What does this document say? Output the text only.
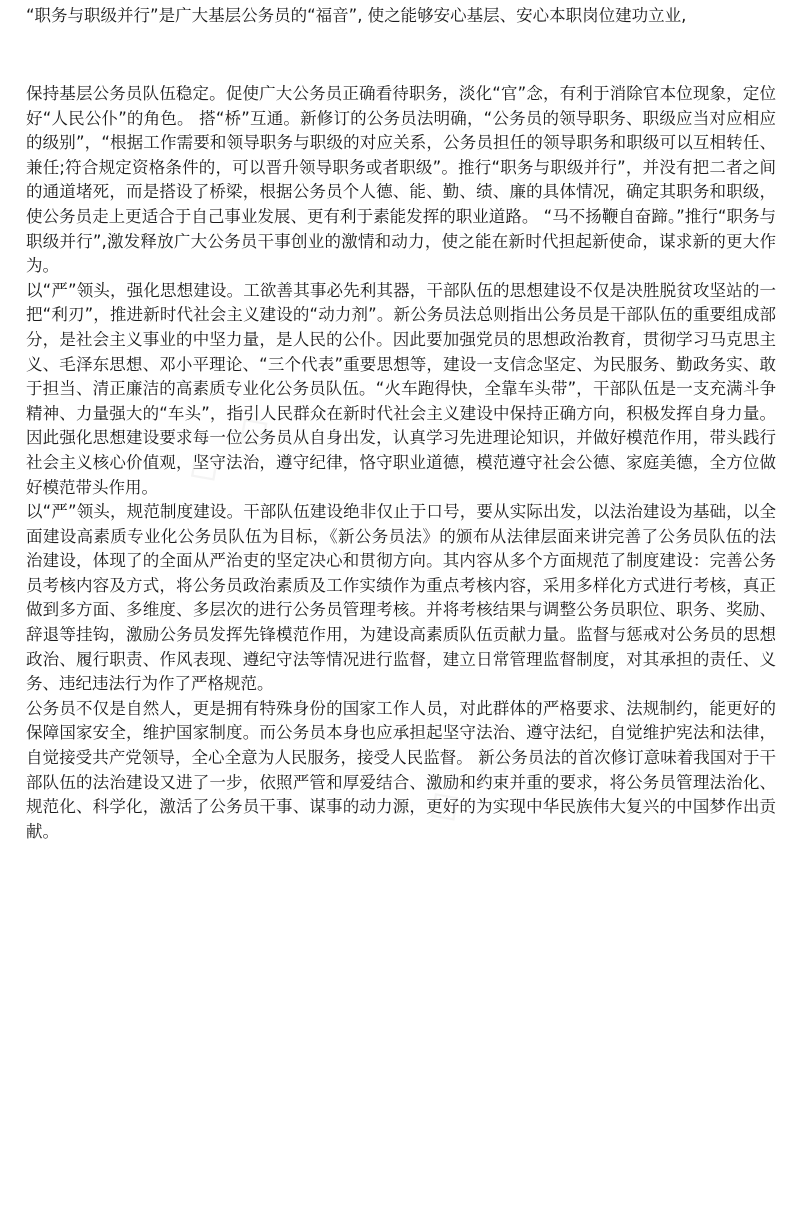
“职务与职级并行”是广大基层公务员的“福音”, 使之能够安心基层、安心本职岗位建功立业,

保持基层公务员队伍稳定。促使广大公务员正确看待职务，淡化“官”念，有利于消除官本位现象，定位好“人民公仆”的角色。 搭“桥”互通。新修订的公务员法明确，“公务员的领导职务、职级应当对应相应的级别”，“根据工作需要和领导职务与职级的对应关系，公务员担任的领导职务和职级可以互相转任、兼任;符合规定资格条件的，可以晋升领导职务或者职级”。推行“职务与职级并行”，并没有把二者之间的通道堵死，而是搭设了桥梁，根据公务员个人德、能、勤、绩、廉的具体情况，确定其职务和职级，使公务员走上更适合于自己事业发展、更有利于素能发挥的职业道路。 “马不扬鞭自奋蹄。”推行“职务与职级并行”,激发释放广大公务员干事创业的激情和动力，使之能在新时代担起新使命，谋求新的更大作为。

以“严”领头，强化思想建设。工欲善其事必先利其器，干部队伍的思想建设不仅是决胜脱贫攻坚站的一把“利刃”，推进新时代社会主义建设的“动力剂”。新公务员法总则指出公务员是干部队伍的重要组成部分，是社会主义事业的中坚力量，是人民的公仆。因此要加强党员的思想政治教育，贯彻学习马克思主义、毛泽东思想、邓小平理论、“三个代表”重要思想等，建设一支信念坚定、为民服务、勤政务实、敢于担当、清正廉洁的高素质专业化公务员队伍。“火车跑得快，全靠车头带”，干部队伍是一支充满斗争精神、力量强大的“车头”，指引人民群众在新时代社会主义建设中保持正确方向，积极发挥自身力量。因此强化思想建设要求每一位公务员从自身出发，认真学习先进理论知识，并做好模范作用，带头践行社会主义核心价值观，坚守法治，遵守纪律，恪守职业道德，模范遵守社会公德、家庭美德，全方位做好模范带头作用。

以“严”领头，规范制度建设。干部队伍建设绝非仅止于口号，要从实际出发，以法治建设为基础，以全面建设高素质专业化公务员队伍为目标，《新公务员法》的颁布从法律层面来讲完善了公务员队伍的法治建设，体现了的全面从严治吏的坚定决心和贯彻方向。其内容从多个方面规范了制度建设：完善公务员考核内容及方式，将公务员政治素质及工作实绩作为重点考核内容，采用多样化方式进行考核，真正做到多方面、多维度、多层次的进行公务员管理考核。并将考核结果与调整公务员职位、职务、奖励、辞退等挂钩，激励公务员发挥先锋模范作用，为建设高素质队伍贡献力量。监督与惩戒对公务员的思想政治、履行职责、作风表现、遵纪守法等情况进行监督，建立日常管理监督制度，对其承担的责任、义务、违纪违法行为作了严格规范。

公务员不仅是自然人，更是拥有特殊身份的国家工作人员，对此群体的严格要求、法规制约，能更好的保障国家安全，维护国家制度。而公务员本身也应承担起坚守法治、遵守法纪，自觉维护宪法和法律，自觉接受共产党领导，全心全意为人民服务，接受人民监督。 新公务员法的首次修订意味着我国对于干部队伍的法治建设又进了一步，依照严管和厚爱结合、激励和约束并重的要求，将公务员管理法治化、规范化、科学化，激活了公务员干事、谋事的动力源，更好的为实现中华民族伟大复兴的中国梦作出贡献。

◇ ◇
◇ ◇
